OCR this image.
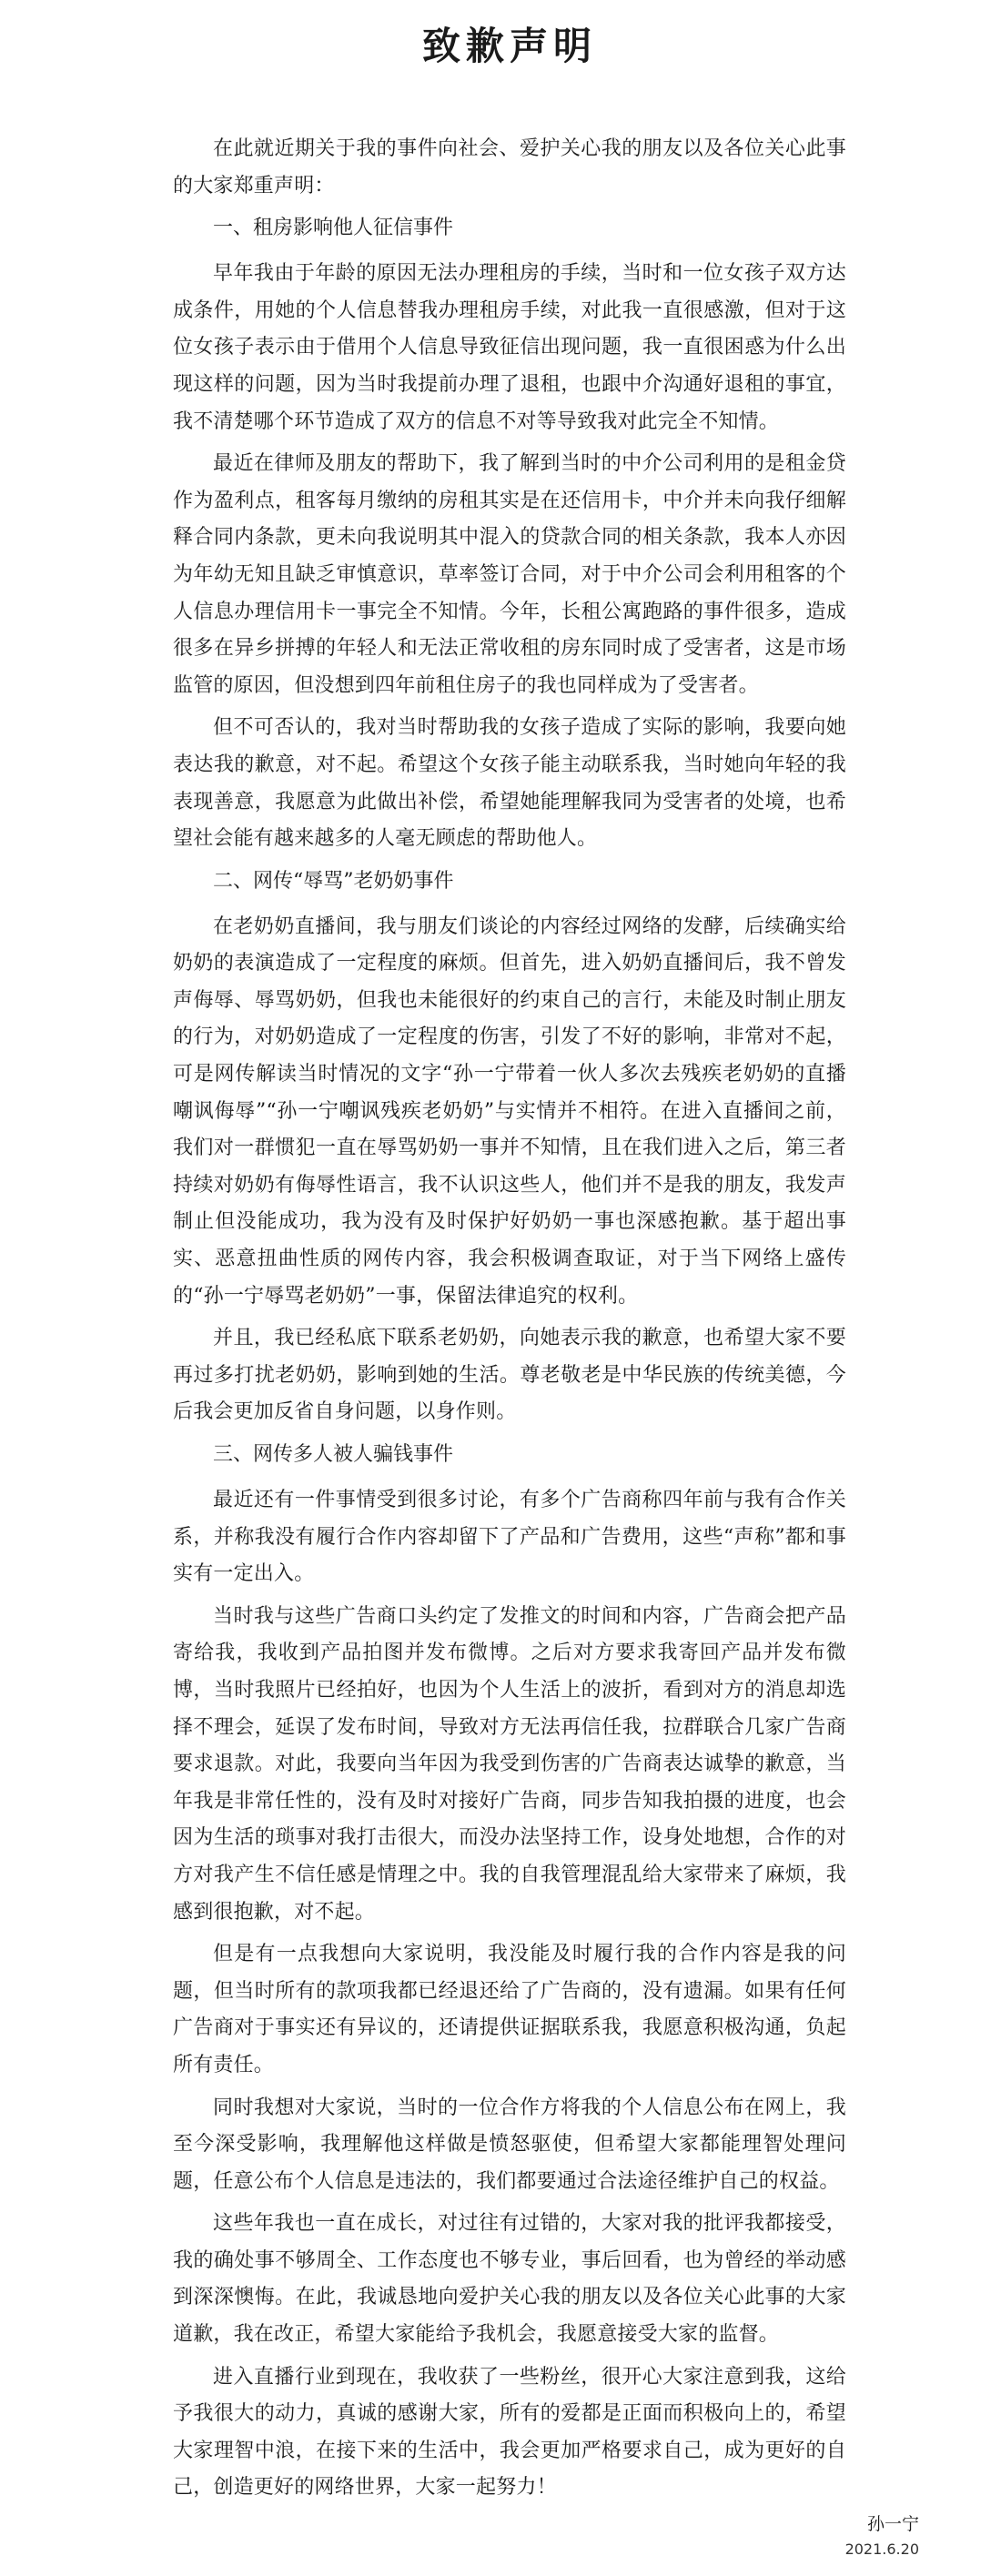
致歉声明

在此就近期关于我的事件向社会、爱护关心我的朋友以及各位关心此事的大家郑重声明：

一、租房影响他人征信事件

早年我由于年龄的原因无法办理租房的手续，当时和一位女孩子双方达成条件，用她的个人信息替我办理租房手续，对此我一直很感激，但对于这位女孩子表示由于借用个人信息导致征信出现问题，我一直很困惑为什么出现这样的问题，因为当时我提前办理了退租，也跟中介沟通好退租的事宜，我不清楚哪个环节造成了双方的信息不对等导致我对此完全不知情。

最近在律师及朋友的帮助下，我了解到当时的中介公司利用的是租金贷作为盈利点，租客每月缴纳的房租其实是在还信用卡，中介并未向我仔细解释合同内条款，更未向我说明其中混入的贷款合同的相关条款，我本人亦因为年幼无知且缺乏审慎意识，草率签订合同，对于中介公司会利用租客的个人信息办理信用卡一事完全不知情。今年，长租公寓跑路的事件很多，造成很多在异乡拼搏的年轻人和无法正常收租的房东同时成了受害者，这是市场监管的原因，但没想到四年前租住房子的我也同样成为了受害者。

但不可否认的，我对当时帮助我的女孩子造成了实际的影响，我要向她表达我的歉意，对不起。希望这个女孩子能主动联系我，当时她向年轻的我表现善意，我愿意为此做出补偿，希望她能理解我同为受害者的处境，也希望社会能有越来越多的人毫无顾虑的帮助他人。

二、网传“辱骂”老奶奶事件

在老奶奶直播间，我与朋友们谈论的内容经过网络的发酵，后续确实给奶奶的表演造成了一定程度的麻烦。但首先，进入奶奶直播间后，我不曾发声侮辱、辱骂奶奶，但我也未能很好的约束自己的言行，未能及时制止朋友的行为，对奶奶造成了一定程度的伤害，引发了不好的影响，非常对不起，可是网传解读当时情况的文字“孙一宁带着一伙人多次去残疾老奶奶的直播嘲讽侮辱”“孙一宁嘲讽残疾老奶奶”与实情并不相符。在进入直播间之前，我们对一群惯犯一直在辱骂奶奶一事并不知情，且在我们进入之后，第三者持续对奶奶有侮辱性语言，我不认识这些人，他们并不是我的朋友，我发声制止但没能成功，我为没有及时保护好奶奶一事也深感抱歉。基于超出事实、恶意扭曲性质的网传内容，我会积极调查取证，对于当下网络上盛传的“孙一宁辱骂老奶奶”一事，保留法律追究的权利。

并且，我已经私底下联系老奶奶，向她表示我的歉意，也希望大家不要再过多打扰老奶奶，影响到她的生活。尊老敬老是中华民族的传统美德，今后我会更加反省自身问题，以身作则。

三、网传多人被人骗钱事件

最近还有一件事情受到很多讨论，有多个广告商称四年前与我有合作关系，并称我没有履行合作内容却留下了产品和广告费用，这些“声称”都和事实有一定出入。

当时我与这些广告商口头约定了发推文的时间和内容，广告商会把产品寄给我，我收到产品拍图并发布微博。之后对方要求我寄回产品并发布微博，当时我照片已经拍好，也因为个人生活上的波折，看到对方的消息却选择不理会，延误了发布时间，导致对方无法再信任我，拉群联合几家广告商要求退款。对此，我要向当年因为我受到伤害的广告商表达诚挚的歉意，当年我是非常任性的，没有及时对接好广告商，同步告知我拍摄的进度，也会因为生活的琐事对我打击很大，而没办法坚持工作，设身处地想，合作的对方对我产生不信任感是情理之中。我的自我管理混乱给大家带来了麻烦，我感到很抱歉，对不起。

但是有一点我想向大家说明，我没能及时履行我的合作内容是我的问题，但当时所有的款项我都已经退还给了广告商的，没有遗漏。如果有任何广告商对于事实还有异议的，还请提供证据联系我，我愿意积极沟通，负起所有责任。

同时我想对大家说，当时的一位合作方将我的个人信息公布在网上，我至今深受影响，我理解他这样做是愤怒驱使，但希望大家都能理智处理问题，任意公布个人信息是违法的，我们都要通过合法途径维护自己的权益。

这些年我也一直在成长，对过往有过错的，大家对我的批评我都接受，我的确处事不够周全、工作态度也不够专业，事后回看，也为曾经的举动感到深深懊悔。在此，我诚恳地向爱护关心我的朋友以及各位关心此事的大家道歉，我在改正，希望大家能给予我机会，我愿意接受大家的监督。

进入直播行业到现在，我收获了一些粉丝，很开心大家注意到我，这给予我很大的动力，真诚的感谢大家，所有的爱都是正面而积极向上的，希望大家理智中浪，在接下来的生活中，我会更加严格要求自己，成为更好的自己，创造更好的网络世界，大家一起努力！

孙一宁
2021.6.20
